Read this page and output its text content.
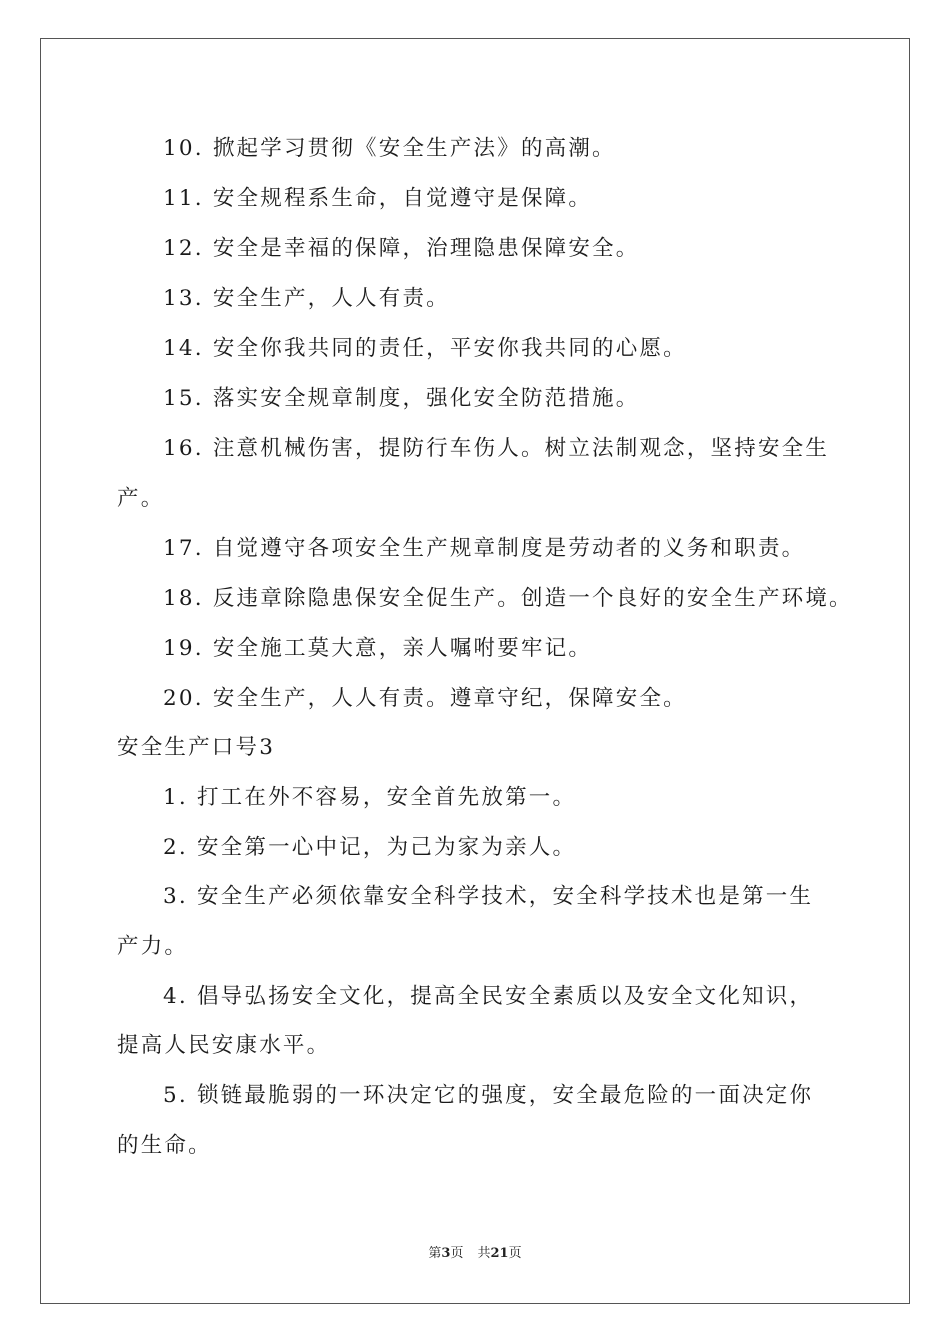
10. 掀起学习贯彻《安全生产法》的高潮。
11. 安全规程系生命，自觉遵守是保障。
12. 安全是幸福的保障，治理隐患保障安全。
13. 安全生产，人人有责。
14. 安全你我共同的责任，平安你我共同的心愿。
15. 落实安全规章制度，强化安全防范措施。
16. 注意机械伤害，提防行车伤人。树立法制观念，坚持安全生
产。
17. 自觉遵守各项安全生产规章制度是劳动者的义务和职责。
18. 反违章除隐患保安全促生产。创造一个良好的安全生产环境。
19. 安全施工莫大意，亲人嘱咐要牢记。
20. 安全生产，人人有责。遵章守纪，保障安全。
安全生产口号3
1. 打工在外不容易，安全首先放第一。
2. 安全第一心中记，为己为家为亲人。
3. 安全生产必须依靠安全科学技术，安全科学技术也是第一生
产力。
4. 倡导弘扬安全文化，提高全民安全素质以及安全文化知识，
提高人民安康水平。
5. 锁链最脆弱的一环决定它的强度，安全最危险的一面决定你
的生命。
第3页 共21页
